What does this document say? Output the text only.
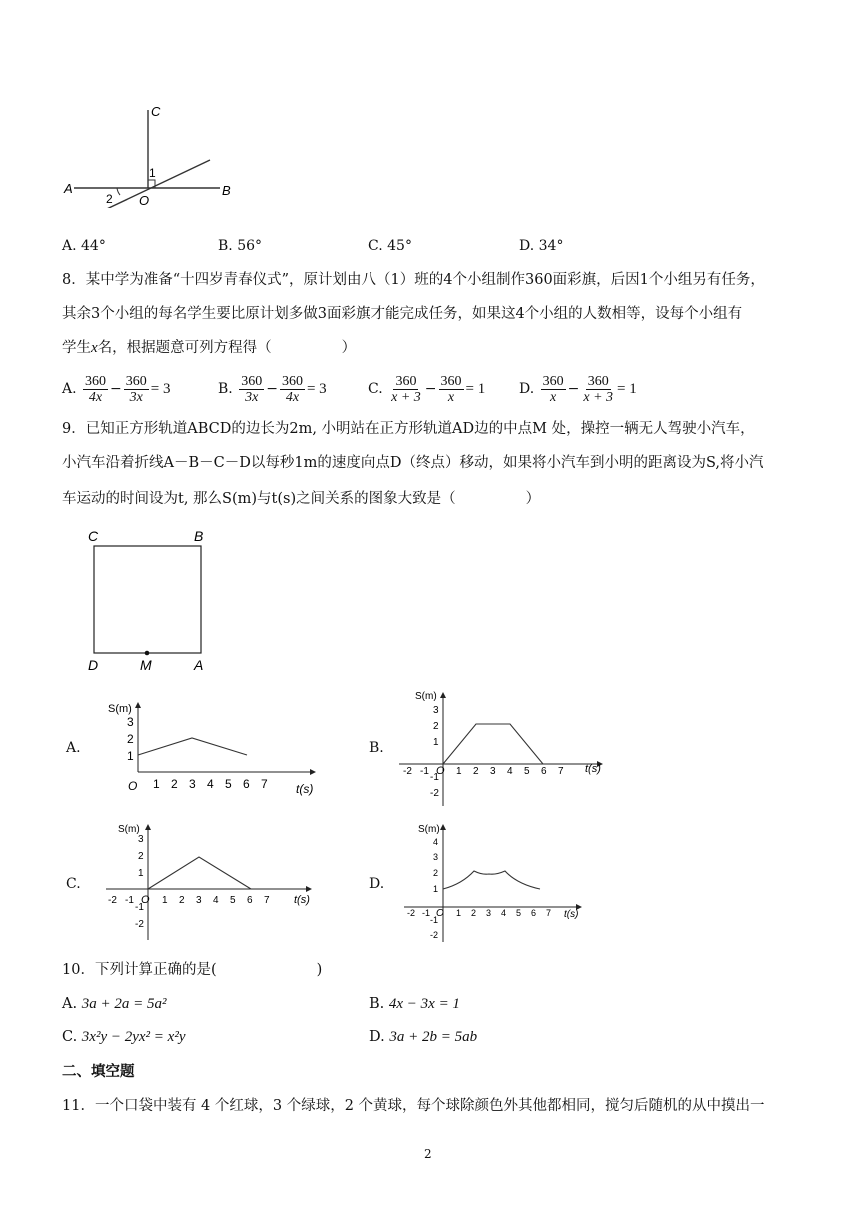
C
A	B
O
1
2
A. 44°	B. 56°	C. 45°	D. 34°
8．某中学为准备“十四岁青春仪式”，原计划由八（1）班的4个小组制作360面彩旗，后因1个小组另有任务，
其余3个小组的每名学生要比原计划多做3面彩旗才能完成任务，如果这4个小组的人数相等，设每个小组有
学生x名，根据题意可列方程得（	）
A. $\frac{360}{4x} - \frac{360}{3x} = 3$	B. $\frac{360}{3x} - \frac{360}{4x} = 3$	C. $\frac{360}{x + 3} - \frac{360}{x} = 1$ D. $\frac{360}{x} - \frac{360}{x + 3} = 1$
9．已知正方形轨道ABCD的边长为2m, 小明站在正方形轨道AD边的中点M 处，操控一辆无人驾驶小汽车，
小汽车沿着折线A－B－C－D以每秒1m的速度向点D（终点）移动，如果将小汽车到小明的距离设为S,将小汽
车运动的时间设为t, 那么S(m)与t(s)之间关系的图象大致是（	）
C	B
D	M	A
A.	B.
C.	D.
S(m)
O	t(s)
3
2
1
1 2 3 4 5 6 7
S(m)
O	t(s)
3
2
1
-1
-2
-2 -1	1 2 3 4 5 6 7
S(m)
O	t(s)
3
2
1
-1
-2
-2 -1	1 2 3 4 5 6 7
S(m)
O	t(s)
4
3
2
1
-1
-2
-2 -1	1 2 3 4 5 6 7
10．下列计算正确的是(	)
A. 3a + 2a = 5a²	B. 4x − 3x = 1
C. 3x²y − 2yx² = x²y	D. 3a + 2b = 5ab
二、填空题
11．一个口袋中装有 4 个红球，3 个绿球，2 个黄球，每个球除颜色外其他都相同，搅匀后随机的从中摸出一
2
